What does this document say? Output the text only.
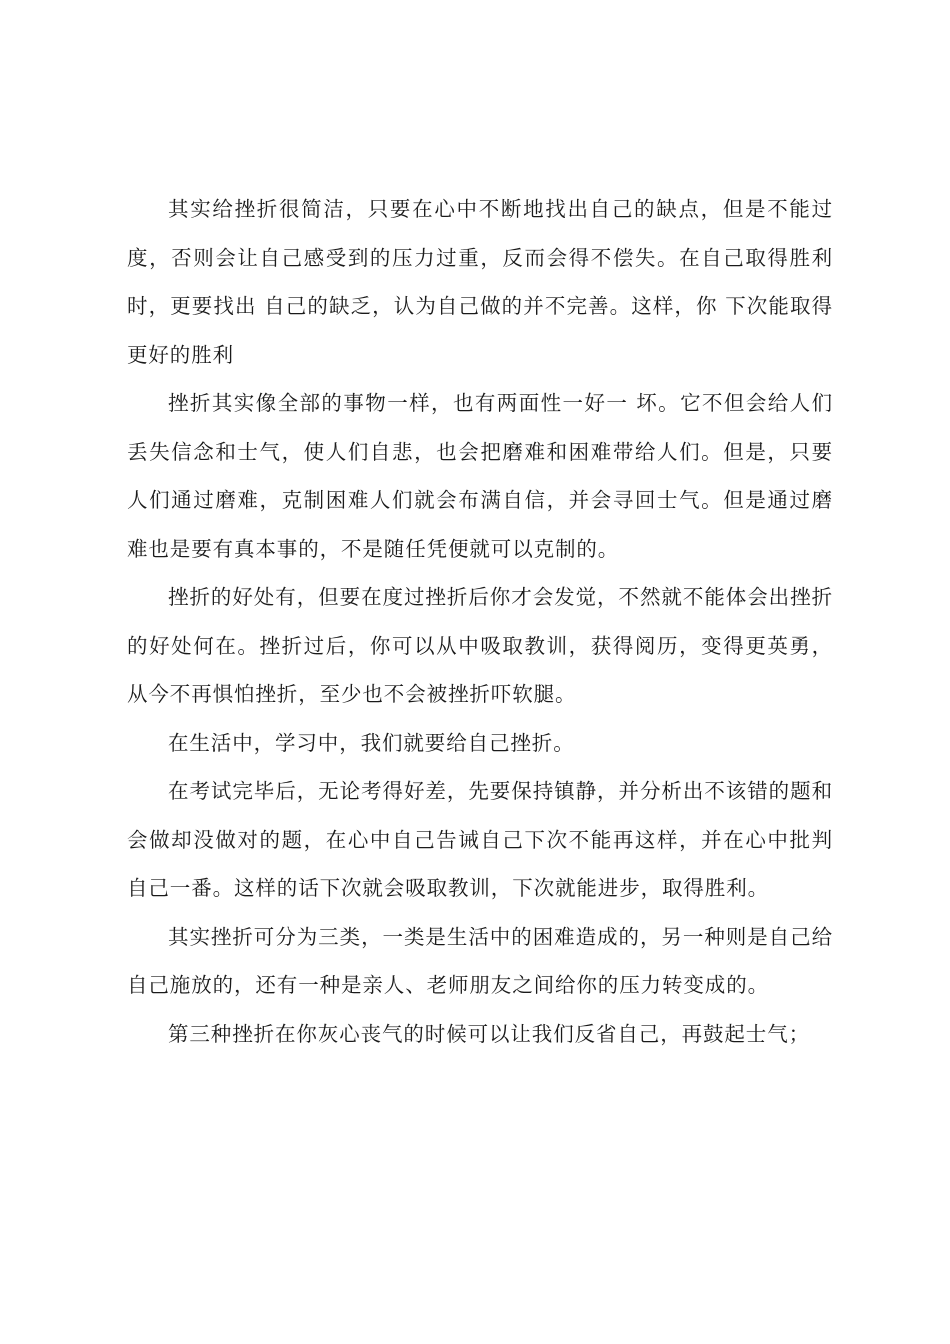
其实给挫折很简洁，只要在心中不断地找出自己的缺点，但是不能过度，否则会让自己感受到的压力过重，反而会得不偿失。在自己取得胜利时，更要找出 自己的缺乏，认为自己做的并不完善。这样，你 下次能取得更好的胜利

挫折其实像全部的事物一样，也有两面性一好一 坏。它不但会给人们丢失信念和士气，使人们自悲，也会把磨难和困难带给人们。但是，只要人们通过磨难，克制困难人们就会布满自信，并会寻回士气。但是通过磨难也是要有真本事的，不是随任凭便就可以克制的。

挫折的好处有，但要在度过挫折后你才会发觉，不然就不能体会出挫折的好处何在。挫折过后，你可以从中吸取教训，获得阅历，变得更英勇，从今不再惧怕挫折，至少也不会被挫折吓软腿。

在生活中，学习中，我们就要给自己挫折。

在考试完毕后，无论考得好差，先要保持镇静，并分析出不该错的题和会做却没做对的题，在心中自己告诫自己下次不能再这样，并在心中批判自己一番。这样的话下次就会吸取教训，下次就能进步，取得胜利。

其实挫折可分为三类，一类是生活中的困难造成的，另一种则是自己给自己施放的，还有一种是亲人、老师朋友之间给你的压力转变成的。

第三种挫折在你灰心丧气的时候可以让我们反省自己，再鼓起士气；
